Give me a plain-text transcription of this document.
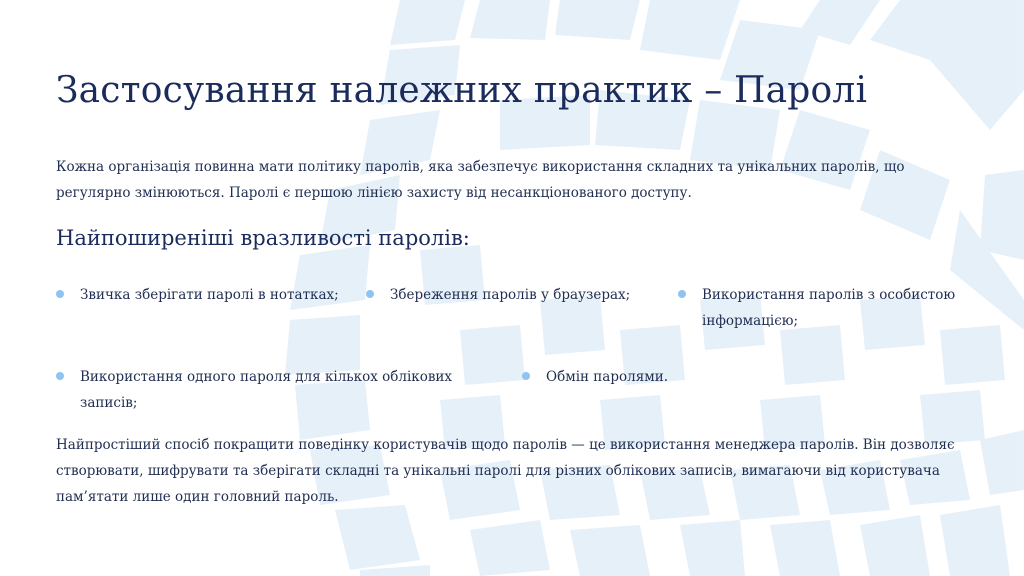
Застосування належних практик – Паролі

Кожна організація повинна мати політику паролів, яка забезпечує використання складних та унікальних паролів, що регулярно змінюються. Паролі є першою лінією захисту від несанкціонованого доступу.

Найпоширеніші вразливості паролів:
Звичка зберігати паролі в нотатках;	Збереження паролів у браузерах;	Використання паролів з особистою інформацією;
Використання одного пароля для кількох облікових записів;
Обмін паролями.

Найпростіший спосіб покращити поведінку користувачів щодо паролів — це використання менеджера паролів. Він дозволяє створювати, шифрувати та зберігати складні та унікальні паролі для різних облікових записів, вимагаючи від користувача пам’ятати лише один головний пароль.
